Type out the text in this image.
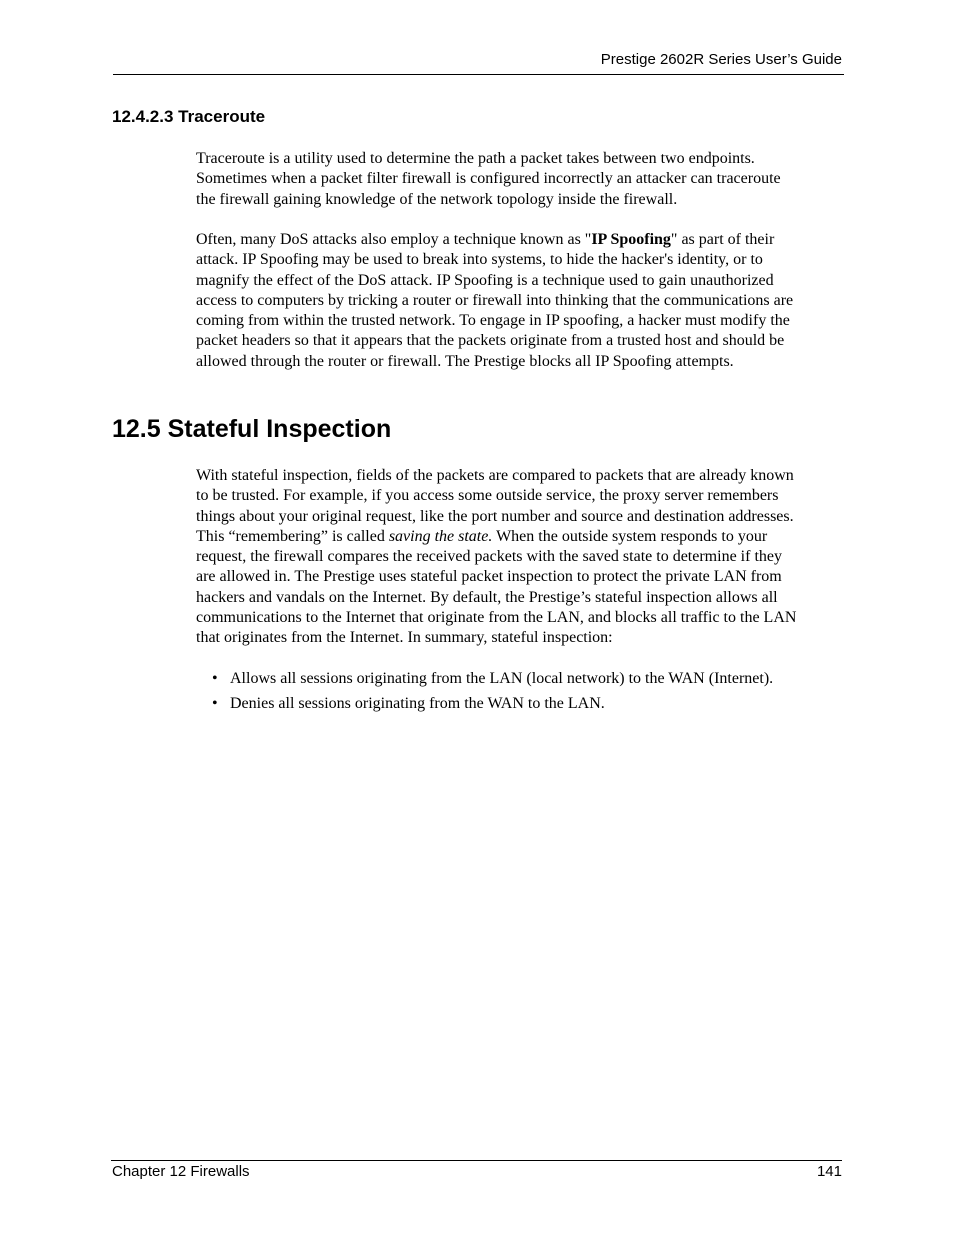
Prestige 2602R Series User’s Guide
12.4.2.3 Traceroute

Traceroute is a utility used to determine the path a packet takes between two endpoints.
Sometimes when a packet filter firewall is configured incorrectly an attacker can traceroute
the firewall gaining knowledge of the network topology inside the firewall.

Often, many DoS attacks also employ a technique known as "IP Spoofing" as part of their
attack. IP Spoofing may be used to break into systems, to hide the hacker's identity, or to
magnify the effect of the DoS attack. IP Spoofing is a technique used to gain unauthorized
access to computers by tricking a router or firewall into thinking that the communications are
coming from within the trusted network. To engage in IP spoofing, a hacker must modify the
packet headers so that it appears that the packets originate from a trusted host and should be
allowed through the router or firewall. The Prestige blocks all IP Spoofing attempts.

12.5 Stateful Inspection

With stateful inspection, fields of the packets are compared to packets that are already known
to be trusted. For example, if you access some outside service, the proxy server remembers
things about your original request, like the port number and source and destination addresses.
This “remembering” is called saving the state. When the outside system responds to your
request, the firewall compares the received packets with the saved state to determine if they
are allowed in. The Prestige uses stateful packet inspection to protect the private LAN from
hackers and vandals on the Internet. By default, the Prestige’s stateful inspection allows all
communications to the Internet that originate from the LAN, and blocks all traffic to the LAN
that originates from the Internet. In summary, stateful inspection:

• Allows all sessions originating from the LAN (local network) to the WAN (Internet).
• Denies all sessions originating from the WAN to the LAN.
Chapter 12 Firewalls	141
